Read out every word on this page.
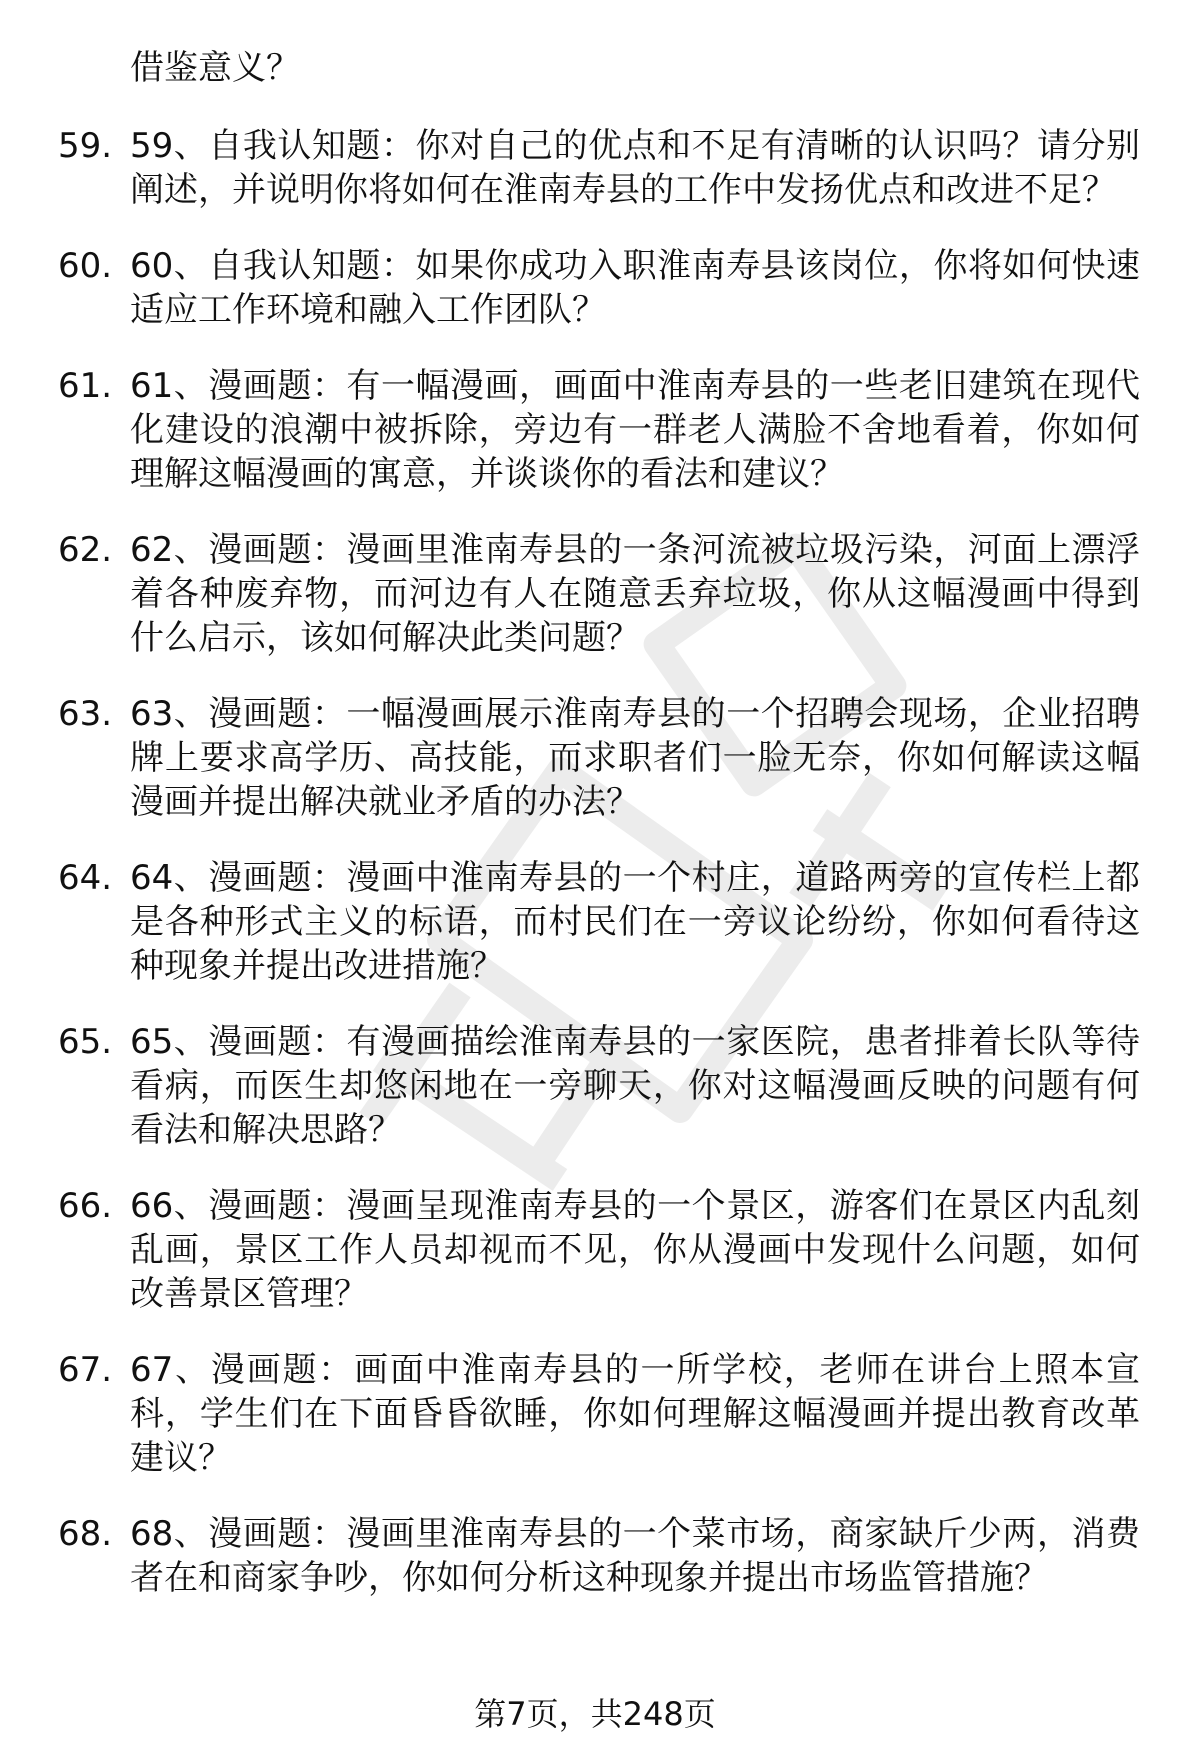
借鉴意义？
59. 59、自我认知题：你对自己的优点和不足有清晰的认识吗？请分别阐述，并说明你将如何在淮南寿县的工作中发扬优点和改进不足？
60. 60、自我认知题：如果你成功入职淮南寿县该岗位，你将如何快速适应工作环境和融入工作团队？
61. 61、漫画题：有一幅漫画，画面中淮南寿县的一些老旧建筑在现代化建设的浪潮中被拆除，旁边有一群老人满脸不舍地看着，你如何理解这幅漫画的寓意，并谈谈你的看法和建议？
62. 62、漫画题：漫画里淮南寿县的一条河流被垃圾污染，河面上漂浮着各种废弃物，而河边有人在随意丢弃垃圾，你从这幅漫画中得到什么启示，该如何解决此类问题？
63. 63、漫画题：一幅漫画展示淮南寿县的一个招聘会现场，企业招聘牌上要求高学历、高技能，而求职者们一脸无奈，你如何解读这幅漫画并提出解决就业矛盾的办法？
64. 64、漫画题：漫画中淮南寿县的一个村庄，道路两旁的宣传栏上都是各种形式主义的标语，而村民们在一旁议论纷纷，你如何看待这种现象并提出改进措施？
65. 65、漫画题：有漫画描绘淮南寿县的一家医院，患者排着长队等待看病，而医生却悠闲地在一旁聊天，你对这幅漫画反映的问题有何看法和解决思路？
66. 66、漫画题：漫画呈现淮南寿县的一个景区，游客们在景区内乱刻乱画，景区工作人员却视而不见，你从漫画中发现什么问题，如何改善景区管理？
67. 67、漫画题：画面中淮南寿县的一所学校，老师在讲台上照本宣科，学生们在下面昏昏欲睡，你如何理解这幅漫画并提出教育改革建议？
68. 68、漫画题：漫画里淮南寿县的一个菜市场，商家缺斤少两，消费者在和商家争吵，你如何分析这种现象并提出市场监管措施？
第7页，共248页
